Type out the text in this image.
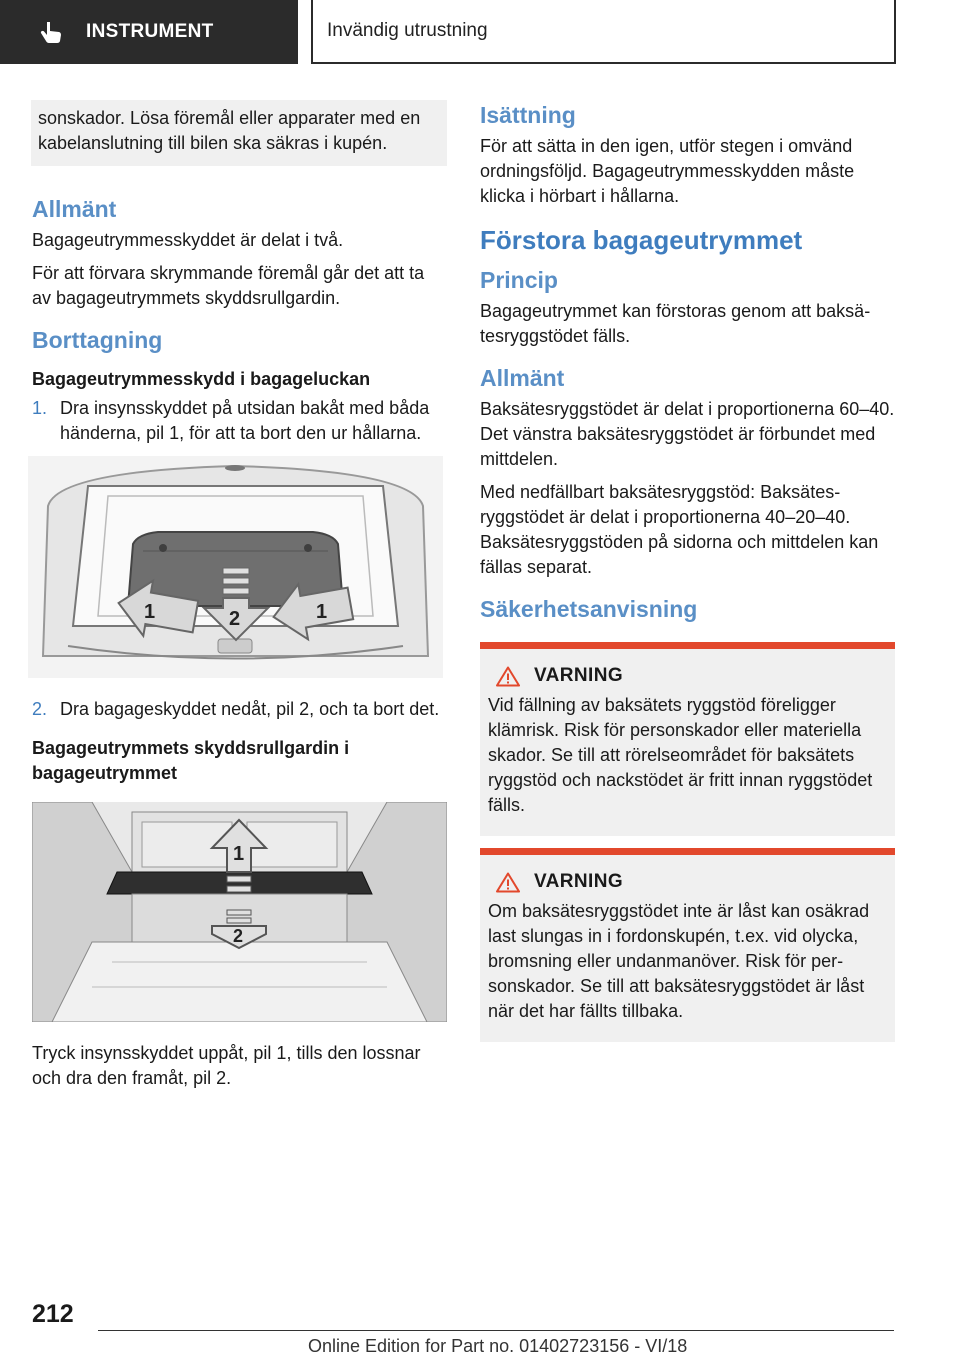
INSTRUMENT	Invändig utrustning

sonskador. Lösa föremål eller apparater med en kabelanslutning till bilen ska säkras i kupén.

Allmänt

Bagageutrymmesskyddet är delat i två.

För att förvara skrymmande föremål går det att ta av bagageutrymmets skyddsrullgardin.

Borttagning
Bagageutrymmesskydd i bagageluckan
1. Dra insynsskyddet på utsidan bakåt med båda händerna, pil 1, för att ta bort den ur hållarna.
1	1
2
2. Dra bagageskyddet nedåt, pil 2, och ta bort det.
Bagageutrymmets skyddsrullgardin i bagageutrymmet
1
2

Tryck insynsskyddet uppåt, pil 1, tills den lossnar och dra den framåt, pil 2.

Isättning

För att sätta in den igen, utför stegen i omvänd ordningsföljd. Bagageutrymmesskydden måste klicka i hörbart i hållarna.

Förstora bagageutrymmet
Princip

Bagageutrymmet kan förstoras genom att baksätesryggstödet fälls.

Allmänt

Baksätesryggstödet är delat i proportionerna 60–40. Det vänstra baksätesryggstödet är förbundet med mittdelen.

Med nedfällbart baksätesryggstöd: Baksätesryggstödet är delat i proportionerna 40–20–40. Baksätesryggstöden på sidorna och mittdelen kan fällas separat.

Säkerhetsanvisning
VARNING

Vid fällning av baksätets ryggstöd föreligger klämrisk. Risk för personskador eller materiella skador. Se till att rörelseområdet för baksätets ryggstöd och nackstödet är fritt innan ryggstödet fälls.

VARNING

Om baksätesryggstödet inte är låst kan osäkrad last slungas in i fordonskupén, t.ex. vid olycka, bromsning eller undanmanöver. Risk för personskador. Se till att baksätesryggstödet är låst när det har fällts tillbaka.

212
Online Edition for Part no. 01402723156 - VI/18
